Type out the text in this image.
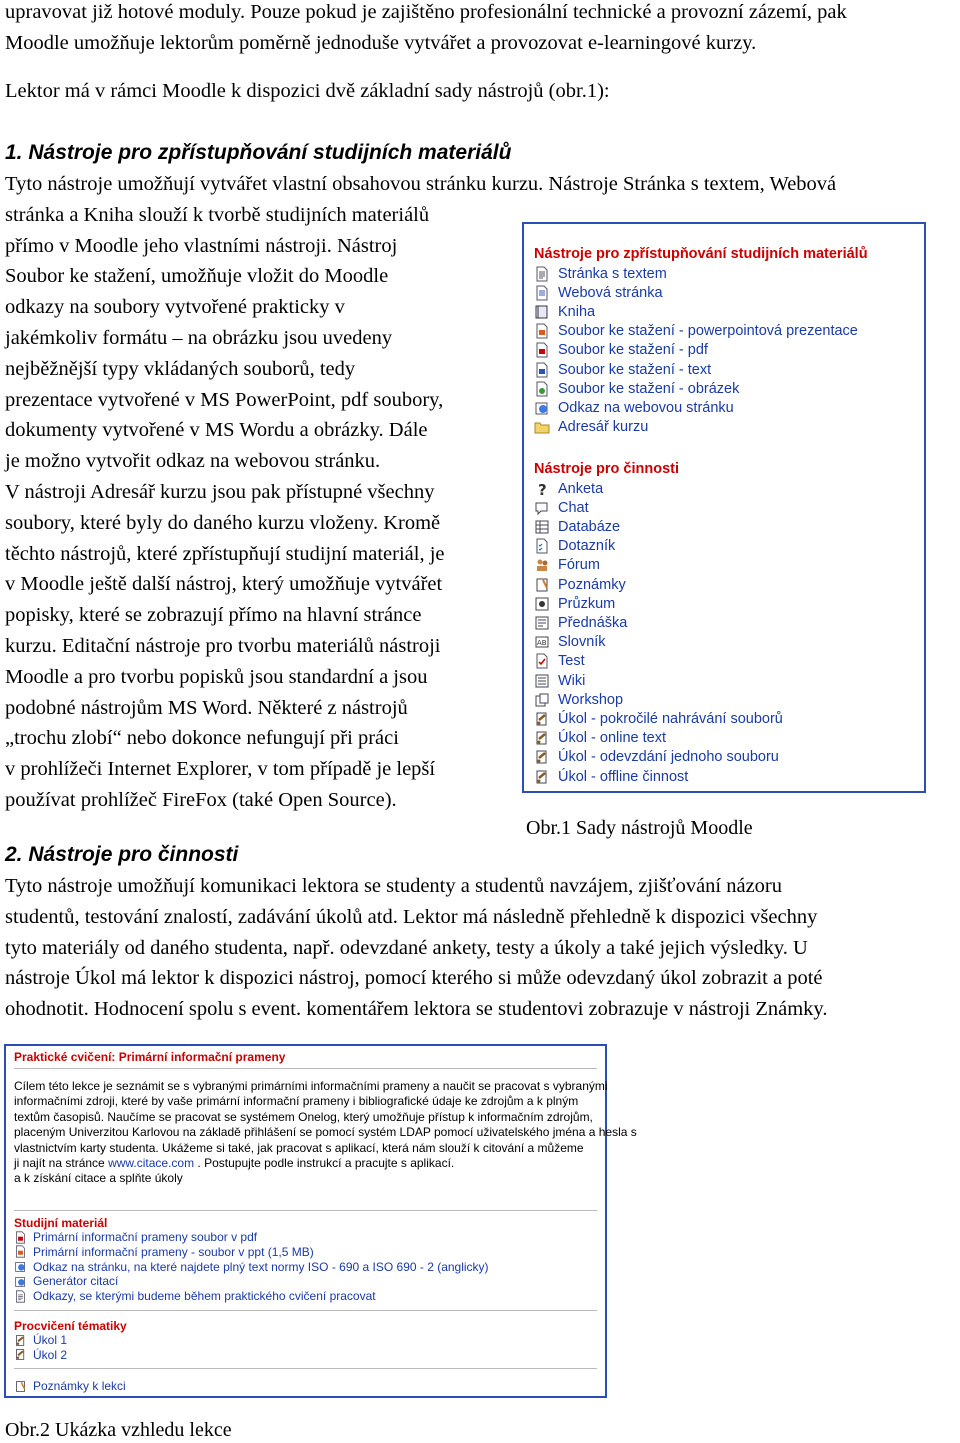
upravovat již hotové moduly. Pouze pokud je zajištěno profesionální technické a provozní zázemí, pak
Moodle umožňuje lektorům poměrně jednoduše vytvářet a provozovat e-learningové kurzy.
Lektor má v rámci Moodle k dispozici dvě základní sady nástrojů (obr.1):
1. Nástroje pro zpřístupňování studijních materiálů
Tyto nástroje umožňují vytvářet vlastní obsahovou stránku kurzu. Nástroje Stránka s textem, Webová
stránka a Kniha slouží k tvorbě studijních materiálů
přímo v Moodle jeho vlastními nástroji. Nástroj
Soubor ke stažení, umožňuje vložit do Moodle
odkazy na soubory vytvořené prakticky v
jakémkoliv formátu – na obrázku jsou uvedeny
nejběžnější typy vkládaných souborů, tedy
prezentace vytvořené v MS PowerPoint, pdf soubory,
dokumenty vytvořené v MS Wordu a obrázky. Dále
je možno vytvořit odkaz na webovou stránku.
V nástroji Adresář kurzu jsou pak přístupné všechny
soubory, které byly do daného kurzu vloženy. Kromě
těchto nástrojů, které zpřístupňují studijní materiál, je
v Moodle ještě další nástroj, který umožňuje vytvářet
popisky, které se zobrazují přímo na hlavní stránce
kurzu. Editační nástroje pro tvorbu materiálů nástroji
Moodle a pro tvorbu popisků jsou standardní a jsou
podobné nástrojům MS Word. Některé z nástrojů
„trochu zlobí“ nebo dokonce nefungují při práci
v prohlížeči Internet Explorer, v tom případě je lepší
používat prohlížeč FireFox (také Open Source).
Nástroje pro zpřístupňování studijních materiálů
Stránka s textem
Webová stránka
Kniha
Soubor ke stažení - powerpointová prezentace
Soubor ke stažení - pdf
Soubor ke stažení - text
Soubor ke stažení - obrázek
Odkaz na webovou stránku
Adresář kurzu
Nástroje pro činnosti
? Anketa
Chat
Databáze
Dotazník
Fórum
Poznámky
Průzkum
Přednáška
AB Slovník
Test
Wiki
Workshop
Úkol - pokročilé nahrávání souborů
Úkol - online text
Úkol - odevzdání jednoho souboru
Úkol - offline činnost
Obr.1 Sady nástrojů Moodle
2. Nástroje pro činnosti
Tyto nástroje umožňují komunikaci lektora se studenty a studentů navzájem, zjišťování názoru
studentů, testování znalostí, zadávání úkolů atd. Lektor má následně přehledně k dispozici všechny
tyto materiály od daného studenta, např. odevzdané ankety, testy a úkoly a také jejich výsledky. U
nástroje Úkol má lektor k dispozici nástroj, pomocí kterého si může odevzdaný úkol zobrazit a poté
ohodnotit. Hodnocení spolu s event. komentářem lektora se studentovi zobrazuje v nástroji Známky.
Praktické cvičení: Primární informační prameny
Cílem této lekce je seznámit se s vybranými primárními informačními prameny a naučit se pracovat s vybranými
informačními zdroji, které by vaše primární informační prameny i bibliografické údaje ke zdrojům a k plným
textům časopisů. Naučíme se pracovat se systémem Onelog, který umožňuje přístup k informačním zdrojům,
placeným Univerzitou Karlovou na základě přihlášení se pomocí systém LDAP pomocí uživatelského jména a hesla s
vlastnictvím karty studenta. Ukážeme si také, jak pracovat s aplikací, která nám slouží k citování a můžeme
ji najít na stránce www.citace.com . Postupujte podle instrukcí a pracujte s aplikací.
a k získání citace a splňte úkoly
Studijní materiál
Primární informační prameny soubor v pdf
Primární informační prameny - soubor v ppt (1,5 MB)
Odkaz na stránku, na které najdete plný text normy ISO - 690 a ISO 690 - 2 (anglicky)
Generátor citací
Odkazy, se kterými budeme během praktického cvičení pracovat
Procvičení tématiky
Úkol 1
Úkol 2
Poznámky k lekci
Obr.2 Ukázka vzhledu lekce
